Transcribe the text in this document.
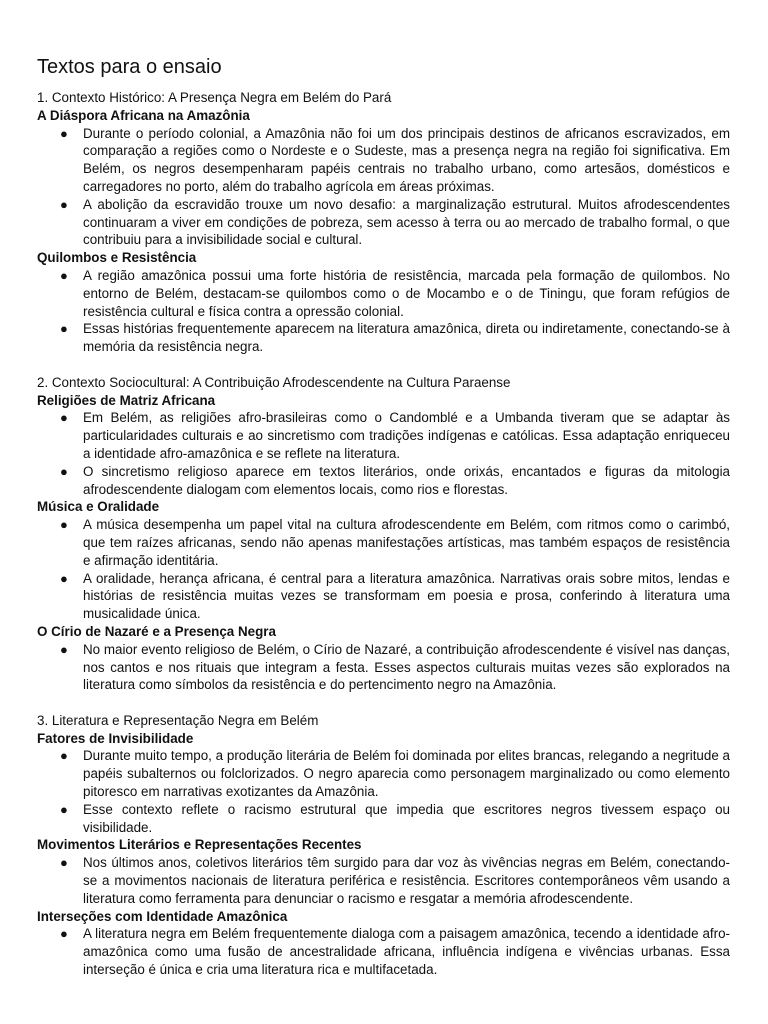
Textos para o ensaio

1. Contexto Histórico: A Presença Negra em Belém do Pará

A Diáspora Africana na Amazônia

● Durante o período colonial, a Amazônia não foi um dos principais destinos de africanos escravizados, em comparação a regiões como o Nordeste e o Sudeste, mas a presença negra na região foi significativa. Em Belém, os negros desempenharam papéis centrais no trabalho urbano, como artesãos, domésticos e carregadores no porto, além do trabalho agrícola em áreas próximas.
● A abolição da escravidão trouxe um novo desafio: a marginalização estrutural. Muitos afrodescendentes continuaram a viver em condições de pobreza, sem acesso à terra ou ao mercado de trabalho formal, o que contribuiu para a invisibilidade social e cultural.

Quilombos e Resistência

● A região amazônica possui uma forte história de resistência, marcada pela formação de quilombos. No entorno de Belém, destacam-se quilombos como o de Mocambo e o de Tiningu, que foram refúgios de resistência cultural e física contra a opressão colonial.
● Essas histórias frequentemente aparecem na literatura amazônica, direta ou indiretamente, conectando-se à memória da resistência negra.

2. Contexto Sociocultural: A Contribuição Afrodescendente na Cultura Paraense

Religiões de Matriz Africana

● Em Belém, as religiões afro-brasileiras como o Candomblé e a Umbanda tiveram que se adaptar às particularidades culturais e ao sincretismo com tradições indígenas e católicas. Essa adaptação enriqueceu a identidade afro-amazônica e se reflete na literatura.
● O sincretismo religioso aparece em textos literários, onde orixás, encantados e figuras da mitologia afrodescendente dialogam com elementos locais, como rios e florestas.

Música e Oralidade

● A música desempenha um papel vital na cultura afrodescendente em Belém, com ritmos como o carimbó, que tem raízes africanas, sendo não apenas manifestações artísticas, mas também espaços de resistência e afirmação identitária.
● A oralidade, herança africana, é central para a literatura amazônica. Narrativas orais sobre mitos, lendas e histórias de resistência muitas vezes se transformam em poesia e prosa, conferindo à literatura uma musicalidade única.

O Círio de Nazaré e a Presença Negra

● No maior evento religioso de Belém, o Círio de Nazaré, a contribuição afrodescendente é visível nas danças, nos cantos e nos rituais que integram a festa. Esses aspectos culturais muitas vezes são explorados na literatura como símbolos da resistência e do pertencimento negro na Amazônia.

3. Literatura e Representação Negra em Belém

Fatores de Invisibilidade

● Durante muito tempo, a produção literária de Belém foi dominada por elites brancas, relegando a negritude a papéis subalternos ou folclorizados. O negro aparecia como personagem marginalizado ou como elemento pitoresco em narrativas exotizantes da Amazônia.
● Esse contexto reflete o racismo estrutural que impedia que escritores negros tivessem espaço ou visibilidade.

Movimentos Literários e Representações Recentes

● Nos últimos anos, coletivos literários têm surgido para dar voz às vivências negras em Belém, conectando-se a movimentos nacionais de literatura periférica e resistência. Escritores contemporâneos vêm usando a literatura como ferramenta para denunciar o racismo e resgatar a memória afrodescendente.

Interseções com Identidade Amazônica

● A literatura negra em Belém frequentemente dialoga com a paisagem amazônica, tecendo a identidade afro-amazônica como uma fusão de ancestralidade africana, influência indígena e vivências urbanas. Essa interseção é única e cria uma literatura rica e multifacetada.
